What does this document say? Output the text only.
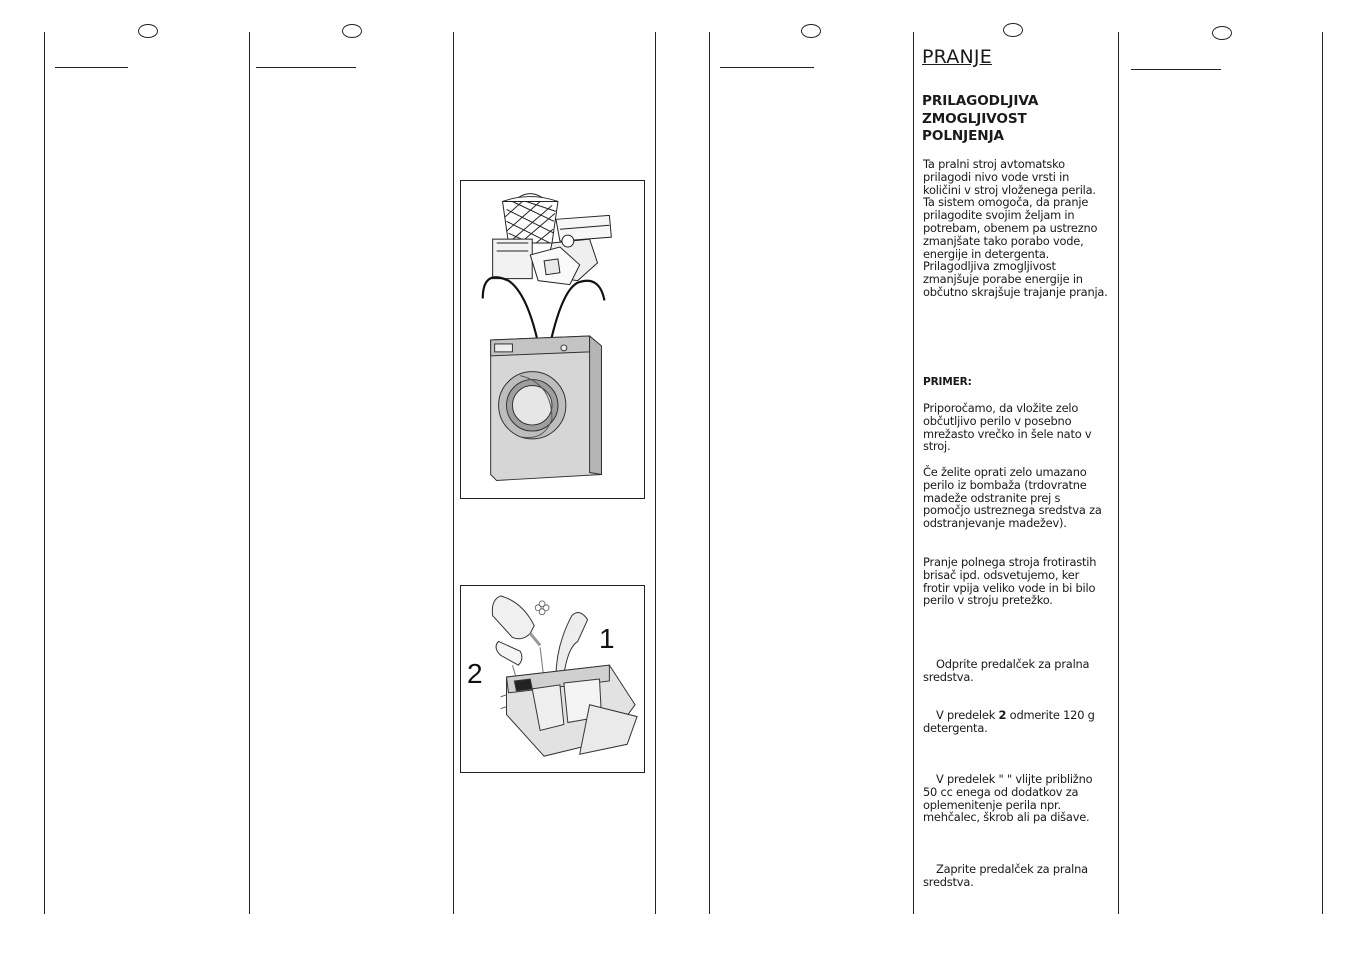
1
2
PRANJE
PRILAGODLJIVA ZMOGLJIVOST POLNJENJA

Ta pralni stroj avtomatsko prilagodi nivo vode vrsti in količini v stroj vloženega perila. Ta sistem omogoča, da pranje prilagodite svojim željam in potrebam, obenem pa ustrezno zmanjšate tako porabo vode, energije in detergenta. Prilagodljiva zmogljivost zmanjšuje porabe energije in občutno skrajšuje trajanje pranja.

PRIMER:

Priporočamo, da vložite zelo občutljivo perilo v posebno mrežasto vrečko in šele nato v stroj.

Če želite oprati zelo umazano perilo iz bombaža (trdovratne madeže odstranite prej s pomočjo ustreznega sredstva za odstranjevanje madežev).

Pranje polnega stroja frotirastih brisač ipd. odsvetujemo, ker frotir vpija veliko vode in bi bilo perilo v stroju pretežko.

Odprite predalček za pralna sredstva.

V predelek 2 odmerite 120 g detergenta.

V predelek " " vlijte približno 50 cc enega od dodatkov za oplemenitenje perila npr. mehčalec, škrob ali pa dišave.

Zaprite predalček za pralna sredstva.
